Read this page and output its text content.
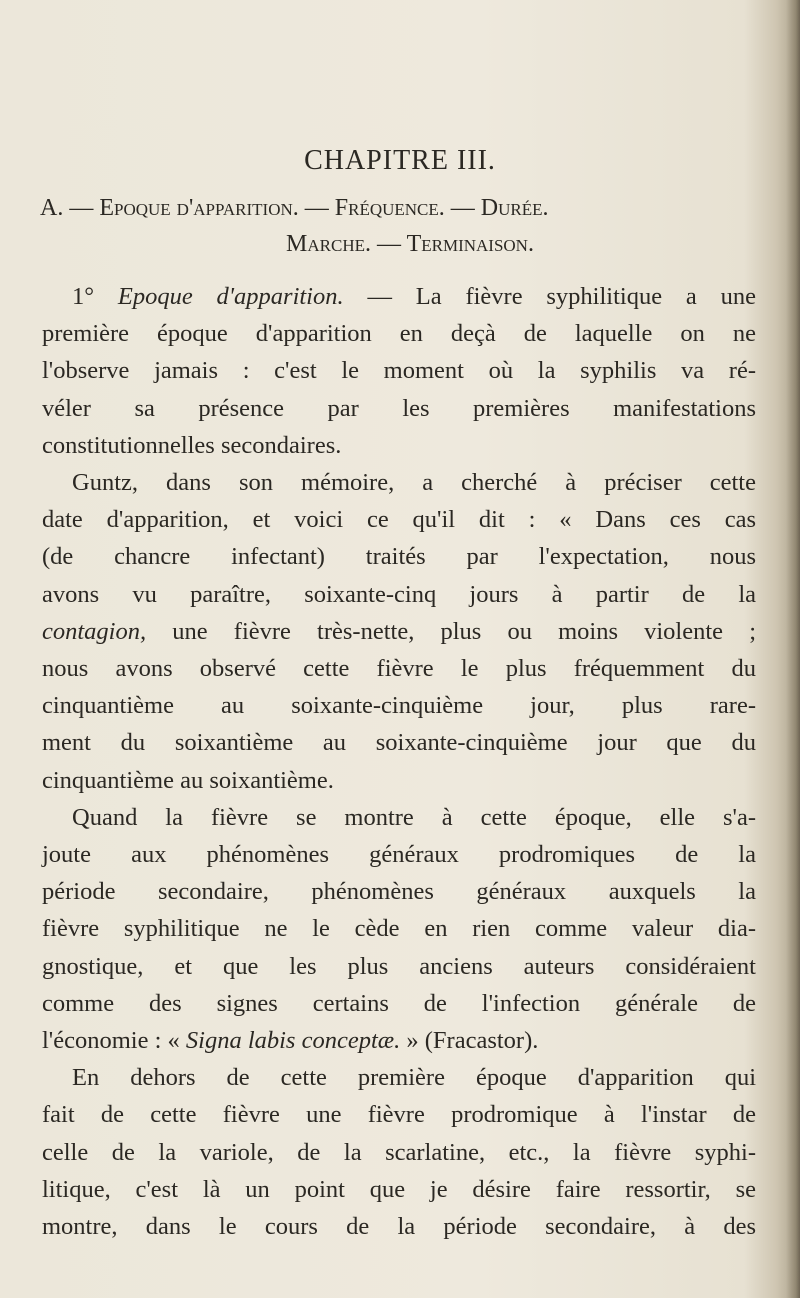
CHAPITRE III.
A. — Epoque d'apparition. — Fréquence. — Durée.
Marche. — Terminaison.
1° Epoque d'apparition. — La fièvre syphilitique a une
première époque d'apparition en deçà de laquelle on ne
l'observe jamais : c'est le moment où la syphilis va ré-
véler sa présence par les premières manifestations
constitutionnelles secondaires.
Guntz, dans son mémoire, a cherché à préciser cette
date d'apparition, et voici ce qu'il dit : « Dans ces cas
(de chancre infectant) traités par l'expectation, nous
avons vu paraître, soixante-cinq jours à partir de la
contagion, une fièvre très-nette, plus ou moins violente ;
nous avons observé cette fièvre le plus fréquemment du
cinquantième au soixante-cinquième jour, plus rare-
ment du soixantième au soixante-cinquième jour que du
cinquantième au soixantième.
Quand la fièvre se montre à cette époque, elle s'a-
joute aux phénomènes généraux prodromiques de la
période secondaire, phénomènes généraux auxquels la
fièvre syphilitique ne le cède en rien comme valeur dia-
gnostique, et que les plus anciens auteurs considéraient
comme des signes certains de l'infection générale de
l'économie : « Signa labis conceptæ. » (Fracastor).
En dehors de cette première époque d'apparition qui
fait de cette fièvre une fièvre prodromique à l'instar de
celle de la variole, de la scarlatine, etc., la fièvre syphi-
litique, c'est là un point que je désire faire ressortir, se
montre, dans le cours de la période secondaire, à des
